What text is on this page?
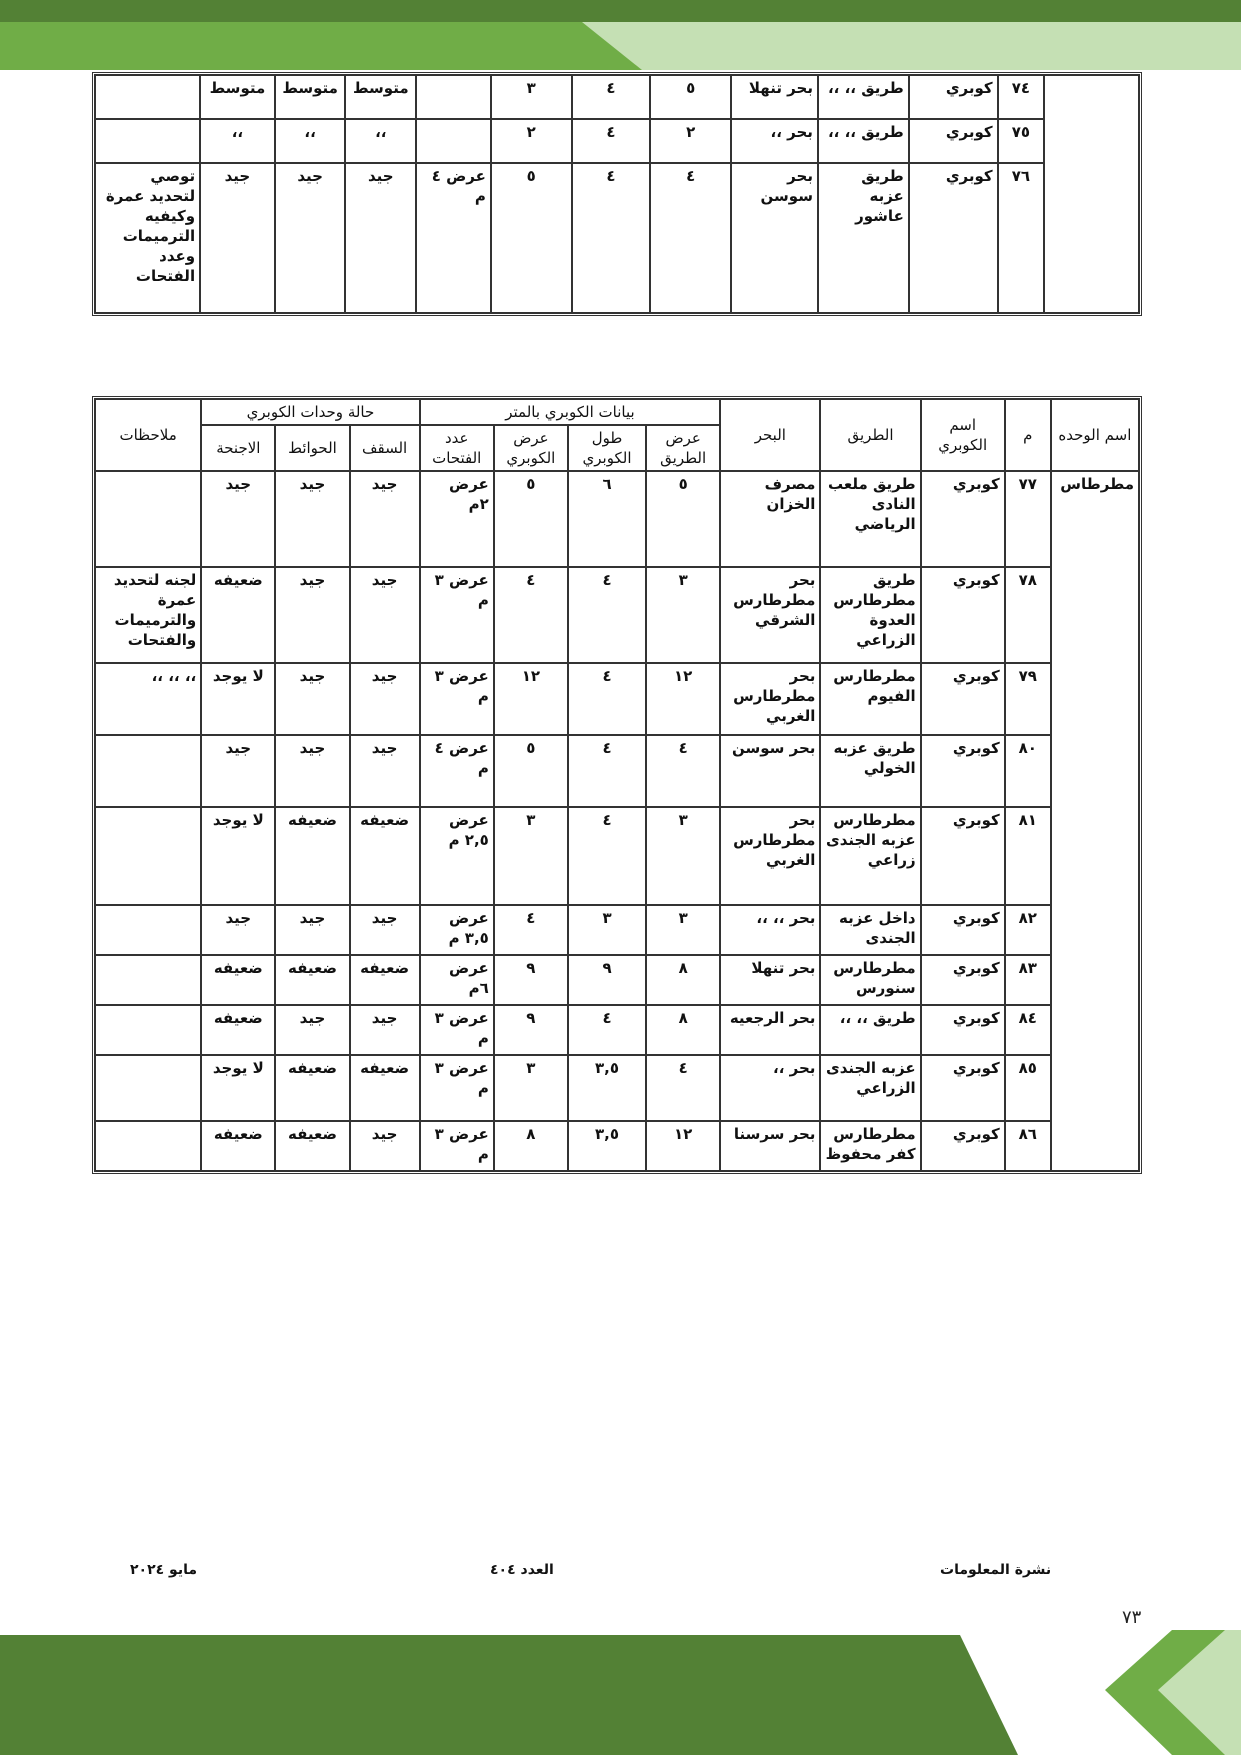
	٧٤	كوبري	طريق ،، ،،	بحر تنهلا	٥	٤	٣		متوسط	متوسط	متوسط	
	٧٥	كوبري	طريق ،، ،،	بحر ،،	٢	٤	٢		،،	،،	،،	
	٧٦	كوبري	طريق عزبه عاشور	بحر سوسن	٤	٤	٥	عرض ٤ م	جيد	جيد	جيد	توصي لتحديد عمرة وكيفيه الترميمات وعدد الفتحات
اسم الوحده	م	اسم الكوبري	الطريق	البحر	بيانات الكوبري بالمتر				حالة وحدات الكوبري			ملاحظات
					عرض الطريق	طول الكوبري	عرض الكوبري	عدد الفتحات	السقف	الحوائط	الاجنحة	
مطرطاس	٧٧	كوبري	طريق ملعب النادى الرياضي	مصرف الخزان	٥	٦	٥	عرض ٢م	جيد	جيد	جيد	
	٧٨	كوبري	طريق مطرطارس العدوة الزراعي	بحر مطرطارس الشرقي	٣	٤	٤	عرض ٣ م	جيد	جيد	ضعيفه	لجنه لتحديد عمرة والترميمات والفتحات
	٧٩	كوبري	مطرطارس الفيوم	بحر مطرطارس الغربي	١٢	٤	١٢	عرض ٣ م	جيد	جيد	لا يوجد	،، ،، ،،
	٨٠	كوبري	طريق عزبه الخولي	بحر سوسن	٤	٤	٥	عرض ٤ م	جيد	جيد	جيد	
	٨١	كوبري	مطرطارس عزبه الجندى زراعي	بحر مطرطارس الغربي	٣	٤	٣	عرض ٢,٥ م	ضعيفه	ضعيفه	لا يوجد	
	٨٢	كوبري	داخل عزبه الجندى	بحر ،، ،،	٣	٣	٤	عرض ٣,٥ م	جيد	جيد	جيد	
	٨٣	كوبري	مطرطارس سنورس	بحر تنهلا	٨	٩	٩	عرض ٦م	ضعيفه	ضعيفه	ضعيفه	
	٨٤	كوبري	طريق ،، ،،	بحر الرجعيه	٨	٤	٩	عرض ٣ م	جيد	جيد	ضعيفه	
	٨٥	كوبري	عزبه الجندى الزراعي	بحر ،،	٤	٣,٥	٣	عرض ٣ م	ضعيفه	ضعيفه	لا يوجد	
	٨٦	كوبري	مطرطارس كفر محفوظ	بحر سرسنا	١٢	٣,٥	٨	عرض ٣ م	جيد	ضعيفه	ضعيفه	
نشرة المعلومات
العدد ٤٠٤
مايو ٢٠٢٤
٧٣
